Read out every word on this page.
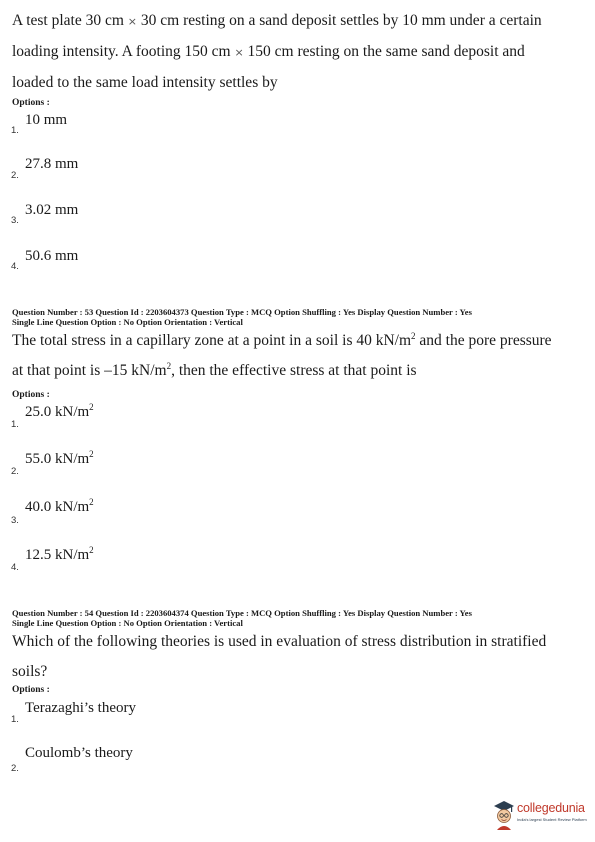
A test plate 30 cm × 30 cm resting on a sand deposit settles by 10 mm under a certain
loading intensity. A footing 150 cm × 150 cm resting on the same sand deposit and
loaded to the same load intensity settles by
Options :
1.
10 mm
2.
27.8 mm
3.
3.02 mm
4.
50.6 mm
Question Number : 53 Question Id : 2203604373 Question Type : MCQ Option Shuffling : Yes Display Question Number : Yes
Single Line Question Option : No Option Orientation : Vertical
The total stress in a capillary zone at a point in a soil is 40 $kN/m^2$ and the pore pressure
at that point is –15 $kN/m^2$, then the effective stress at that point is
Options :
1.
25.0 $kN/m^2$
2.
55.0 $kN/m^2$
3.
40.0 $kN/m^2$
4.
12.5 $kN/m^2$
Question Number : 54 Question Id : 2203604374 Question Type : MCQ Option Shuffling : Yes Display Question Number : Yes
Single Line Question Option : No Option Orientation : Vertical
Which of the following theories is used in evaluation of stress distribution in stratified
soils?
Options :
1.
Terazaghi’s theory
2.
Coulomb’s theory
collegedunia
India's largest Student Review Platform
